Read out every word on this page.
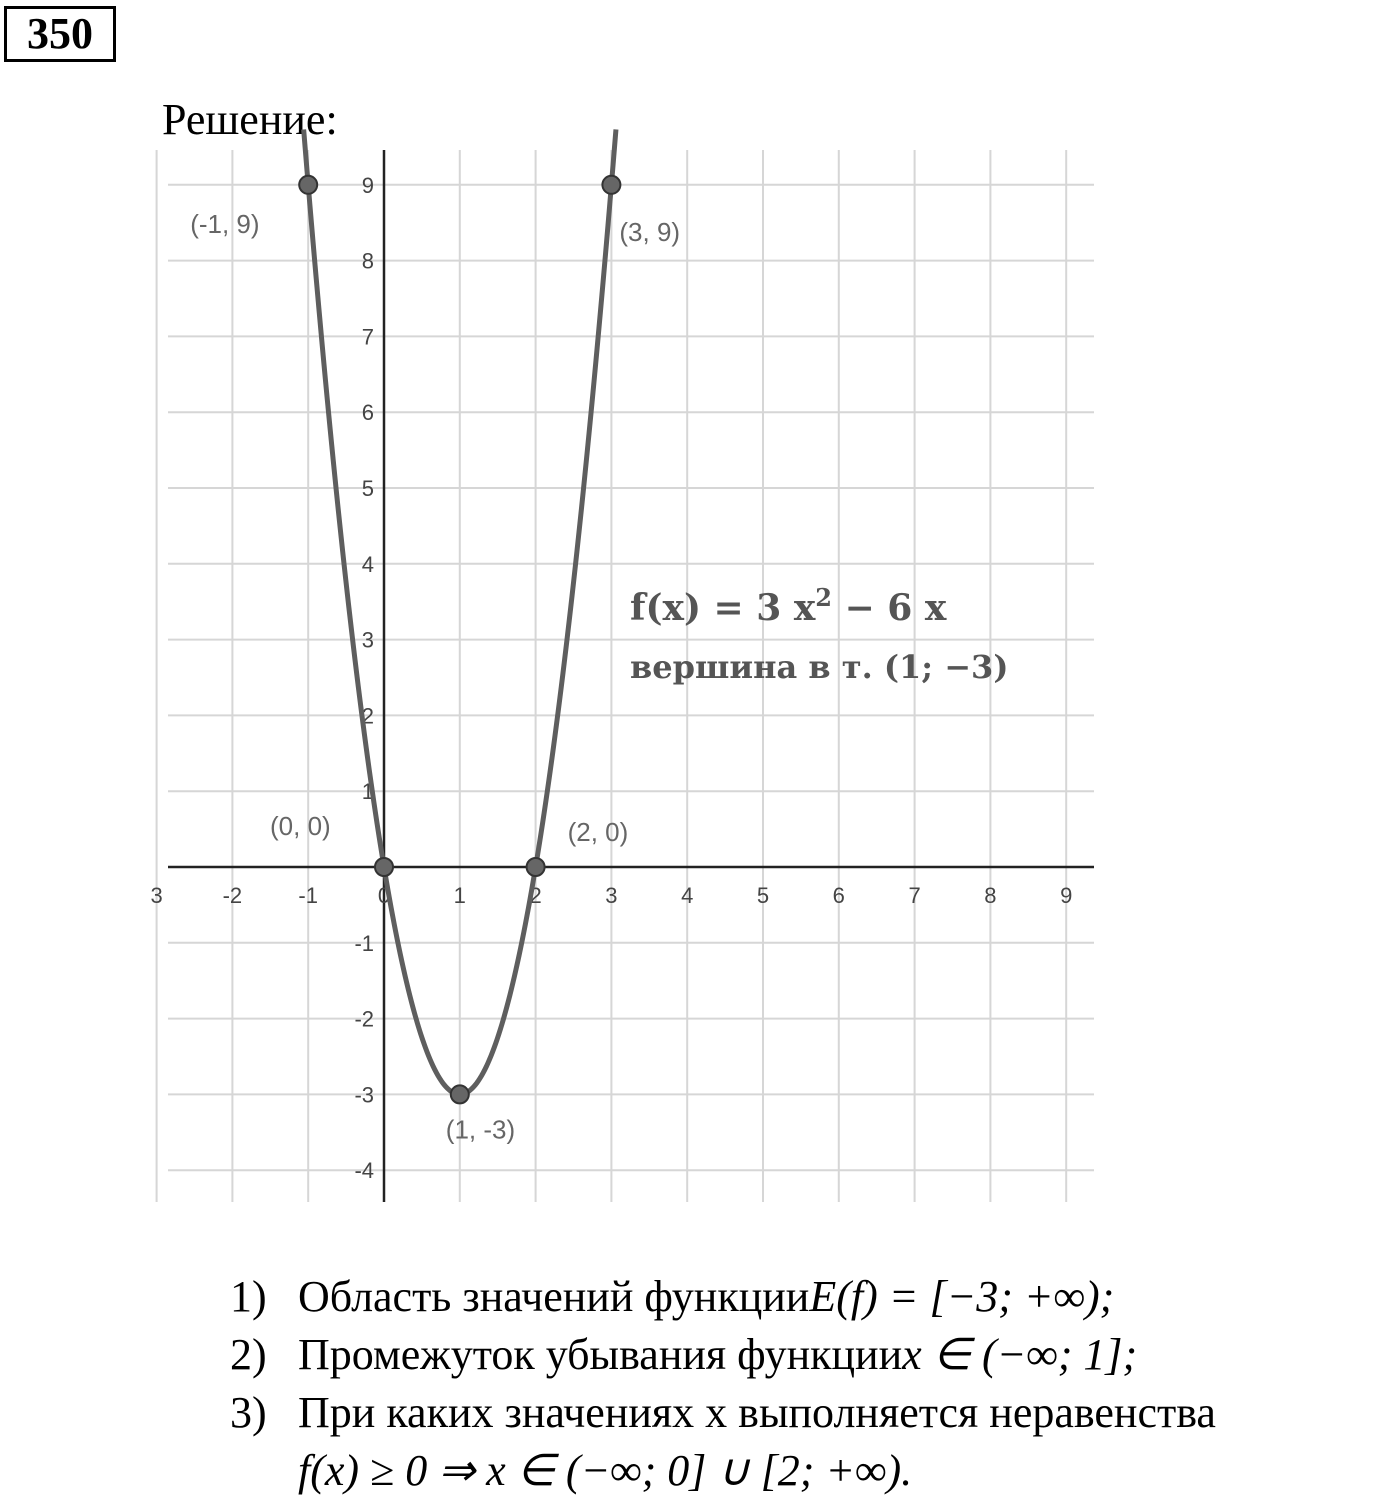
350
Решение:
3	-2	-1	0	1	2	3	4	5	6	7	8	9
-4
-3
-2
-1
1
2
3
4
5
6
7
8
9
(-1, 9)	(3, 9)
(0, 0)	(2, 0)
(1, -3)
f(x) = 3 $x^2 - 6$ x
вершина в т. (1; −3)
1) Область значений функции E(f) = [−3; +∞);
2) Промежуток убывания функции x ∈ (−∞; 1];
3) При каких значениях х выполняется неравенства
f(x) ≥ 0 ⇒ x ∈ (−∞; 0] ∪ [2; +∞).
